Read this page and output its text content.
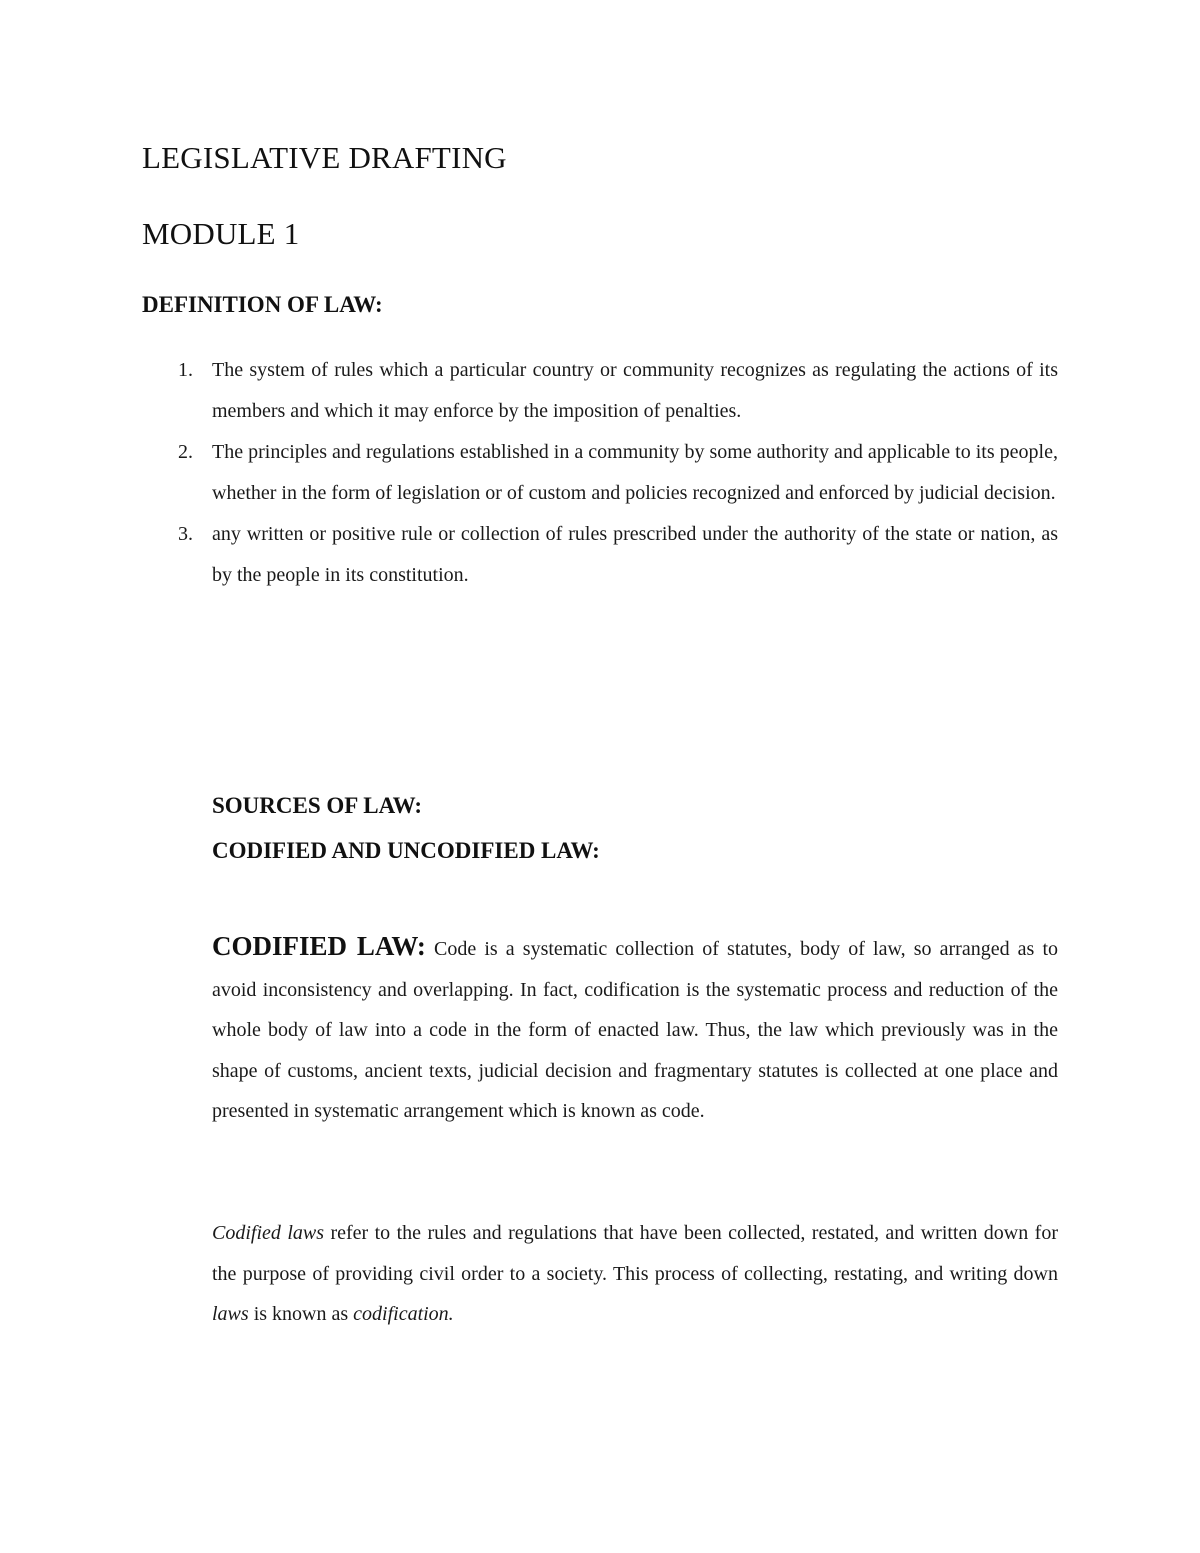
LEGISLATIVE DRAFTING
MODULE 1
DEFINITION OF LAW:
1. The system of rules which a particular country or community recognizes as regulating the actions of its members and which it may enforce by the imposition of penalties.
2. The principles and regulations established in a community by some authority and applicable to its people, whether in the form of legislation or of custom and policies recognized and enforced by judicial decision.
3. any written or positive rule or collection of rules prescribed under the authority of the state or nation, as by the people in its constitution.
SOURCES OF LAW:
CODIFIED AND UNCODIFIED LAW:

CODIFIED LAW: Code is a systematic collection of statutes, body of law, so arranged as to avoid inconsistency and overlapping. In fact, codification is the systematic process and reduction of the whole body of law into a code in the form of enacted law. Thus, the law which previously was in the shape of customs, ancient texts, judicial decision and fragmentary statutes is collected at one place and presented in systematic arrangement which is known as code.

Codified laws refer to the rules and regulations that have been collected, restated, and written down for the purpose of providing civil order to a society. This process of collecting, restating, and writing down laws is known as codification.
